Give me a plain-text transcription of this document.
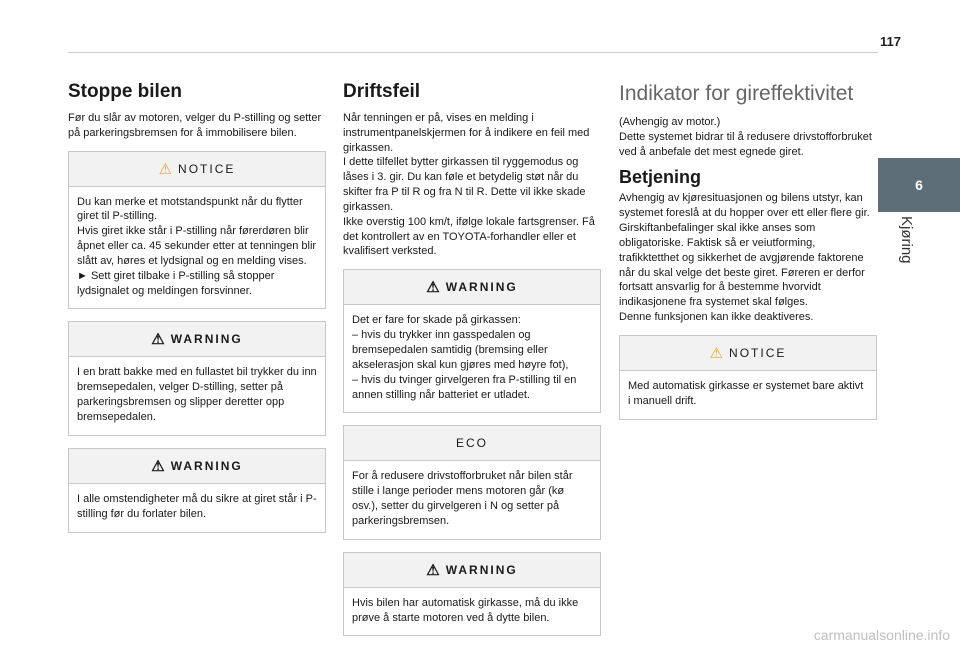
117
6
Kjøring
Stoppe bilen

Før du slår av motoren, velger du P-stilling og setter på parkeringsbremsen for å immobilisere bilen.

⚠ NOTICE

Du kan merke et motstandspunkt når du flytter giret til P-stilling.
Hvis giret ikke står i P-stilling når førerdøren blir åpnet eller ca. 45 sekunder etter at tenningen blir slått av, høres et lydsignal og en melding vises.
► Sett giret tilbake i P-stilling så stopper lydsignalet og meldingen forsvinner.

⚠ WARNING

I en bratt bakke med en fullastet bil trykker du inn bremsepedalen, velger D-stilling, setter på parkeringsbremsen og slipper deretter opp bremsepedalen.

⚠ WARNING

I alle omstendigheter må du sikre at giret står i P-stilling før du forlater bilen.

Driftsfeil

Når tenningen er på, vises en melding i instrumentpanelskjermen for å indikere en feil med girkassen.
I dette tilfellet bytter girkassen til ryggemodus og låses i 3. gir. Du kan føle et betydelig støt når du skifter fra P til R og fra N til R. Dette vil ikke skade girkassen.
Ikke overstig 100 km/t, ifølge lokale fartsgrenser. Få det kontrollert av en TOYOTA-forhandler eller et kvalifisert verksted.

⚠ WARNING

Det er fare for skade på girkassen:
– hvis du trykker inn gasspedalen og bremsepedalen samtidig (bremsing eller akselerasjon skal kun gjøres med høyre fot),
– hvis du tvinger girvelgeren fra P-stilling til en annen stilling når batteriet er utladet.

ECO

For å redusere drivstofforbruket når bilen står stille i lange perioder mens motoren går (kø osv.), setter du girvelgeren i N og setter på parkeringsbremsen.

⚠ WARNING

Hvis bilen har automatisk girkasse, må du ikke prøve å starte motoren ved å dytte bilen.

Indikator for gireffektivitet

(Avhengig av motor.)
Dette systemet bidrar til å redusere drivstofforbruket ved å anbefale det mest egnede giret.

Betjening

Avhengig av kjøresituasjonen og bilens utstyr, kan systemet foreslå at du hopper over ett eller flere gir.
Girskiftanbefalinger skal ikke anses som obligatoriske. Faktisk så er veiutforming, trafikktetthet og sikkerhet de avgjørende faktorene når du skal velge det beste giret. Føreren er derfor fortsatt ansvarlig for å bestemme hvorvidt indikasjonene fra systemet skal følges.
Denne funksjonen kan ikke deaktiveres.

⚠ NOTICE

Med automatisk girkasse er systemet bare aktivt i manuell drift.

carmanualsonline.info
